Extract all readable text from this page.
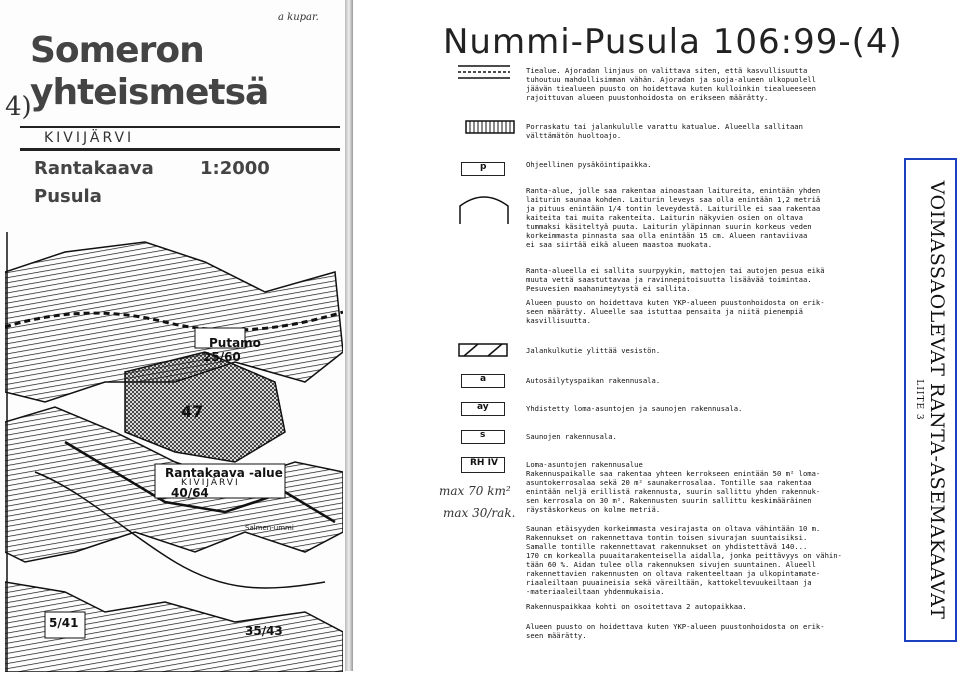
a kupar.
Someron
yhteismetsä
4)
KIVIJÄRVI
Rantakaava	1:2000
Pusula
Putamo
25/60
47
Rantakaava -alue
KIVIJÄRVI
40/64
5/41
35/43
Salmen-ummi
Nummi-Pusula 106:99-(4)
p
a
ay
s
RH IV
Tiealue. Ajoradan linjaus on valittava siten, että kasvullisuutta
tuhoutuu mahdollisimman vähän. Ajoradan ja suoja-alueen ulkopuolell
jäävän tiealueen puusto on hoidettava kuten kulloinkin tiealueeseen
rajoittuvan alueen puustonhoidosta on erikseen määrätty.
Porraskatu tai jalankululle varattu katualue. Alueella sallitaan
välttämätön huoltoajo.
Ohjeellinen pysäköintipaikka.
Ranta-alue, jolle saa rakentaa ainoastaan laitureita, enintään yhden
laiturin saunaa kohden. Laiturin leveys saa olla enintään 1,2 metriä
ja pituus enintään 1/4 tontin leveydestä. Laiturille ei saa rakentaa
kaiteita tai muita rakenteita. Laiturin näkyvien osien on oltava
tummaksi käsiteltyä puuta. Laiturin yläpinnan suurin korkeus veden
korkeimmasta pinnasta saa olla enintään 15 cm. Alueen rantaviivaa
ei saa siirtää eikä alueen maastoa muokata.
Ranta-alueella ei sallita suurpyykin, mattojen tai autojen pesua eikä
muuta vettä saastuttavaa ja ravinnepitoisuutta lisäävää toimintaa.
Pesuvesien maahanimeytystä ei sallita.
Alueen puusto on hoidettava kuten YKP-alueen puustonhoidosta on erik-
seen määrätty. Alueelle saa istuttaa pensaita ja niitä pienempiä
kasvillisuutta.
Jalankulkutie ylittää vesistön.
Autosäilytyspaikan rakennusala.
Yhdistetty loma-asuntojen ja saunojen rakennusala.
Saunojen rakennusala.
Loma-asuntojen rakennusalue
Rakennuspaikalle saa rakentaa yhteen kerrokseen enintään 50 m² loma-
asuntokerrosalaa sekä 20 m² saunakerrosalaa. Tontille saa rakentaa
enintään neljä erillistä rakennusta, suurin sallittu yhden rakennuk-
sen kerrosala on 30 m². Rakennusten suurin sallittu keskimääräinen
räystäskorkeus on kolme metriä.
Saunan etäisyyden korkeimmasta vesirajasta on oltava vähintään 10 m.
Rakennukset on rakennettava tontin toisen sivurajan suuntaisiksi.
Samalle tontille rakennettavat rakennukset on yhdistettävä 140...
170 cm korkealla puuaitarakenteisella aidalla, jonka peittävyys on vähin-
tään 60 %. Aidan tulee olla rakennuksen sivujen suuntainen. Alueell
rakennettavien rakennusten on oltava rakenteeltaan ja ulkopintamate-
riaaleiltaan puuaineisia sekä väreiltään, kattokeltevuukeiltaan ja
-materiaaleiltaan yhdenmukaisia.
Rakennuspaikkaa kohti on osoitettava 2 autopaikkaa.
Alueen puusto on hoidettava kuten YKP-alueen puustonhoidosta on erik-
seen määrätty.
max 70 km²
max 30/rak.	VOIMASSAOLEVAT RANTA-ASEMAKAAVAT
LIITE 3
